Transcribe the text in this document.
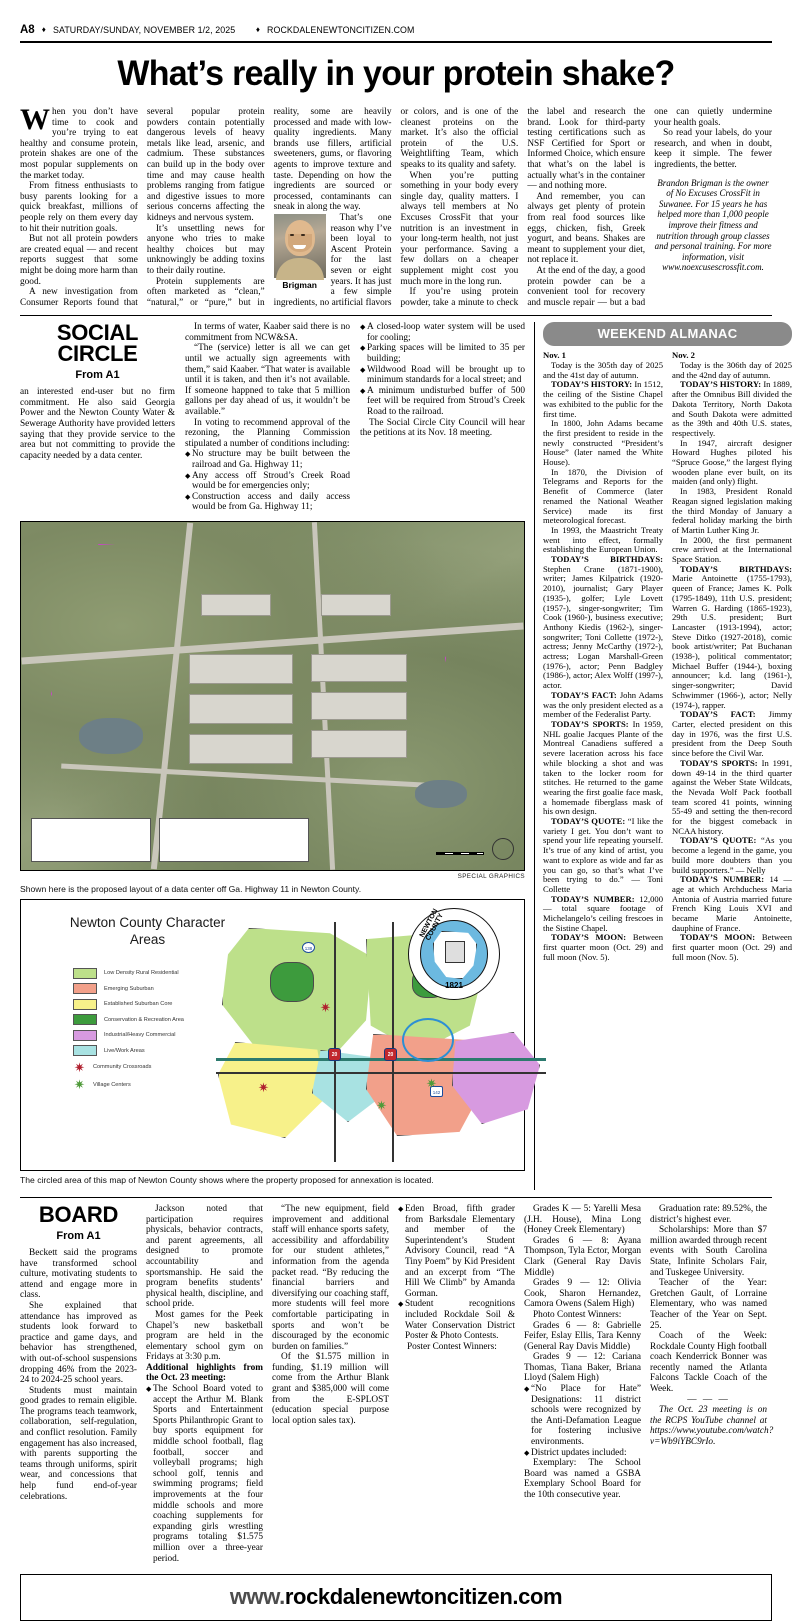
A8 ♦ SATURDAY/SUNDAY, NOVEMBER 1/2, 2025	♦ ROCKDALENEWTONCITIZEN.COM
What’s really in your protein shake?

When you don’t have time to cook and you’re trying to eat healthy and consume protein, protein shakes are one of the most popular supplements on the market today.

From fitness enthusiasts to busy parents looking for a quick breakfast, millions of people rely on them every day to hit their nutrition goals.

But not all protein powders are created equal — and recent reports suggest that some might be doing more harm than good.

A new investigation from Consumer Reports found that several popular protein powders contain potentially dangerous levels of heavy metals like lead, arsenic, and cadmium. These substances can build up in the body over time and may cause health problems ranging from fatigue and digestive issues to more serious concerns affecting the kidneys and nervous system.

It’s unsettling news for anyone who tries to make healthy choices but may unknowingly be adding toxins to their daily routine.

Protein supplements are often marketed as “clean,” “natural,” or “pure,” but in reality, some are heavily processed and made with low-quality ingredients. Many brands use fillers, artificial sweeteners, gums, or flavoring agents to improve texture and taste. Depending on how the ingredients are sourced or processed, contaminants can sneak in along the way.

Brigman

That’s one reason why I’ve been loyal to Ascent Protein for the last seven or eight years. It has just a few simple ingredients, no artificial flavors or colors, and is one of the cleanest proteins on the market. It’s also the official protein of the U.S. Weightlifting Team, which speaks to its quality and safety.

When you’re putting something in your body every single day, quality matters. I always tell members at No Excuses CrossFit that your nutrition is an investment in your long-term health, not just your performance. Saving a few dollars on a cheaper supplement might cost you much more in the long run.

If you’re using protein powder, take a minute to check the label and research the brand. Look for third-party testing certifications such as NSF Certified for Sport or Informed Choice, which ensure that what’s on the label is actually what’s in the container — and nothing more.

And remember, you can always get plenty of protein from real food sources like eggs, chicken, fish, Greek yogurt, and beans. Shakes are meant to supplement your diet, not replace it.

At the end of the day, a good protein powder can be a convenient tool for recovery and muscle repair — but a bad one can quietly undermine your health goals.

So read your labels, do your research, and when in doubt, keep it simple. The fewer ingredients, the better.

Brandon Brigman is the owner of No Excuses CrossFit in Suwanee. For 15 years he has helped more than 1,000 people improve their fitness and nutrition through group classes and personal training. For more information, visit www.noexcusescrossfit.com.

SOCIAL
CIRCLE
From A1

an interested end-user but no firm commitment. He also said Georgia Power and the Newton County Water & Sewerage Authority have provided letters saying that they provide service to the area but not committing to provide the capacity needed by a data center.

In terms of water, Kaaber said there is no commitment from NCW&SA.

“The (service) letter is all we can get until we actually sign agreements with them,” said Kaaber. “That water is available until it is taken, and then it’s not available. If someone happned to take that 5 million gallons per day ahead of us, it wouldn’t be available.”

In voting to recommend approval of the rezoning, the Planning Commission stipulated a number of conditions including:

◆ No structure may be built between the railroad and Ga. Highway 11;

◆ Any access off Stroud’s Creek Road would be for emergencies only;

◆ Construction access and daily access would be from Ga. Highway 11;

◆ A closed-loop water system will be used for cooling;

◆ Parking spaces will be limited to 35 per building;

◆ Wildwood Road will be brought up to minimum standards for a local street; and

◆ A minimum undisturbed buffer of 500 feet will be required from Stroud’s Creek Road to the railroad.

The Social Circle City Council will hear the petitions at its Nov. 18 meeting.

SPECIAL GRAPHICS
Shown here is the proposed layout of a data center off Ga. Highway 11 in Newton County.
Newton County Character
Areas
Low Density Rural Residential
Emerging Suburban
Established Suburban Core
Conservation & Recreation Area
Industrial/Heavy Commercial
Live/Work Areas
✷ Community Crossroads
✷ Village Centers
20	20
138
142
✷
✷
✷
✷
1821
NEWTON COUNTY
The circled area of this map of Newton County shows where the property proposed for annexation is located.
WEEKEND ALMANAC

Nov. 1

Today is the 305th day of 2025 and the 41st day of autumn.

TODAY’S HISTORY: In 1512, the ceiling of the Sistine Chapel was exhibited to the public for the first time.

In 1800, John Adams became the first president to reside in the newly constructed “President’s House” (later named the White House).

In 1870, the Division of Telegrams and Reports for the Benefit of Commerce (later renamed the National Weather Service) made its first meteorological forecast.

In 1993, the Maastricht Treaty went into effect, formally establishing the European Union.

TODAY’S BIRTHDAYS: Stephen Crane (1871-1900), writer; James Kilpatrick (1920-2010), journalist; Gary Player (1935-), golfer; Lyle Lovett (1957-), singer-songwriter; Tim Cook (1960-), business executive; Anthony Kiedis (1962-), singer-songwriter; Toni Collette (1972-), actress; Jenny McCarthy (1972-), actress; Logan Marshall-Green (1976-), actor; Penn Badgley (1986-), actor; Alex Wolff (1997-), actor.

TODAY’S FACT: John Adams was the only president elected as a member of the Federalist Party.

TODAY’S SPORTS: In 1959, NHL goalie Jacques Plante of the Montreal Canadiens suffered a severe laceration across his face while blocking a shot and was taken to the locker room for stitches. He returned to the game wearing the first goalie face mask, a homemade fiberglass mask of his own design.

TODAY’S QUOTE: “I like the variety I get. You don’t want to spend your life repeating yourself. It’s true of any kind of artist, you want to explore as wide and far as you can go, so that’s what I’ve been trying to do.” — Toni Collette

TODAY’S NUMBER: 12,000 — total square footage of Michelangelo’s ceiling frescoes in the Sistine Chapel.

TODAY’S MOON: Between first quarter moon (Oct. 29) and full moon (Nov. 5).

Nov. 2

Today is the 306th day of 2025 and the 42nd day of autumn.

TODAY’S HISTORY: In 1889, after the Omnibus Bill divided the Dakota Territory, North Dakota and South Dakota were admitted as the 39th and 40th U.S. states, respectively.

In 1947, aircraft designer Howard Hughes piloted his “Spruce Goose,” the largest flying wooden plane ever built, on its maiden (and only) flight.

In 1983, President Ronald Reagan signed legislation making the third Monday of January a federal holiday marking the birth of Martin Luther King Jr.

In 2000, the first permanent crew arrived at the International Space Station.

TODAY’S BIRTHDAYS: Marie Antoinette (1755-1793), queen of France; James K. Polk (1795-1849), 11th U.S. president; Warren G. Harding (1865-1923), 29th U.S. president; Burt Lancaster (1913-1994), actor; Steve Ditko (1927-2018), comic book artist/writer; Pat Buchanan (1938-), political commentator; Michael Buffer (1944-), boxing announcer; k.d. lang (1961-), singer-songwriter; David Schwimmer (1966-), actor; Nelly (1974-), rapper.

TODAY’S FACT: Jimmy Carter, elected president on this day in 1976, was the first U.S. president from the Deep South since before the Civil War.

TODAY’S SPORTS: In 1991, down 49-14 in the third quarter against the Weber State Wildcats, the Nevada Wolf Pack football team scored 41 points, winning 55-49 and setting the then-record for the biggest comeback in NCAA history.

TODAY’S QUOTE: “As you become a legend in the game, you build more doubters than you build supporters.” — Nelly

TODAY’S NUMBER: 14 — age at which Archduchess Maria Antonia of Austria married future French King Louis XVI and became Marie Antoinette, dauphine of France.

TODAY’S MOON: Between first quarter moon (Oct. 29) and full moon (Nov. 5).

BOARD
From A1

Beckett said the programs have transformed school culture, motivating students to attend and engage more in class.

She explained that attendance has improved as students look forward to practice and game days, and behavior has strengthened, with out-of-school suspensions dropping 46% from the 2023-24 to 2024-25 school years.

Students must maintain good grades to remain eligible. The programs teach teamwork, collaboration, self-regulation, and conflict resolution. Family engagement has also increased, with parents supporting the teams through uniforms, spirit wear, and concessions that help fund end-of-year celebrations.

Jackson noted that participation requires physicals, behavior contracts, and parent agreements, all designed to promote accountability and sportsmanship. He said the program benefits students’ physical health, discipline, and school pride.

Most games for the Peek Chapel’s new basketball program are held in the elementary school gym on Fridays at 3:30 p.m.

Additional highlights from the Oct. 23 meeting:

◆ The School Board voted to accept the Arthur M. Blank Sports and Entertainment Sports Philanthropic Grant to buy sports equipment for middle school football, flag football, soccer and volleyball programs; high school golf, tennis and swimming programs; field improvements at the four middle schools and more coaching supplements for expanding girls wrestling programs totaling $1.575 million over a three-year period.

“The new equipment, field improvement and additional staff will enhance sports safety, accessibility and affordability for our student athletes,” information from the agenda packet read. “By reducing the financial barriers and diversifying our coaching staff, more students will feel more comfortable participating in sports and won’t be discouraged by the economic burden on families.”

Of the $1.575 million in funding, $1.19 million will come from the Arthur Blank grant and $385,000 will come from the E-SPLOST (education special purpose local option sales tax).

◆ Eden Broad, fifth grader from Barksdale Elementary and member of the Superintendent’s Student Advisory Council, read “A Tiny Poem” by Kid President and an excerpt from “The Hill We Climb” by Amanda Gorman.

◆ Student recognitions included Rockdale Soil & Water Conservation District Poster & Photo Contests.

Poster Contest Winners:

Grades K — 5: Yarelli Mesa (J.H. House), Mina Long (Honey Creek Elementary)

Grades 6 — 8: Ayana Thompson, Tyla Ector, Morgan Clark (General Ray Davis Middle)

Grades 9 — 12: Olivia Cook, Sharon Hernandez, Camora Owens (Salem High)

Photo Contest Winners:

Grades 6 — 8: Gabrielle Feifer, Eslay Ellis, Tara Kenny (General Ray Davis Middle)

Grades 9 — 12: Cariana Thomas, Tiana Baker, Briana Lloyd (Salem High)

◆ “No Place for Hate” Designations: 11 district schools were recognized by the Anti-Defamation League for fostering inclusive environments.

◆ District updates included:

Exemplary: The School Board was named a GSBA Exemplary School Board for the 10th consecutive year.

Graduation rate: 89.52%, the district’s highest ever.

Scholarships: More than $7 million awarded through recent events with South Carolina State, Infinite Scholars Fair, and Tuskegee University.

Teacher of the Year: Gretchen Gault, of Lorraine Elementary, who was named Teacher of the Year on Sept. 25.

Coach of the Week: Rockdale County High football coach Kenderrick Bonner was recently named the Atlanta Falcons Tackle Coach of the Week.

— — —

The Oct. 23 meeting is on the RCPS YouTube channel at https://www.youtube.com/watch?v=Wb9iYBC9rIo.

www.rockdalenewtoncitizen.com
